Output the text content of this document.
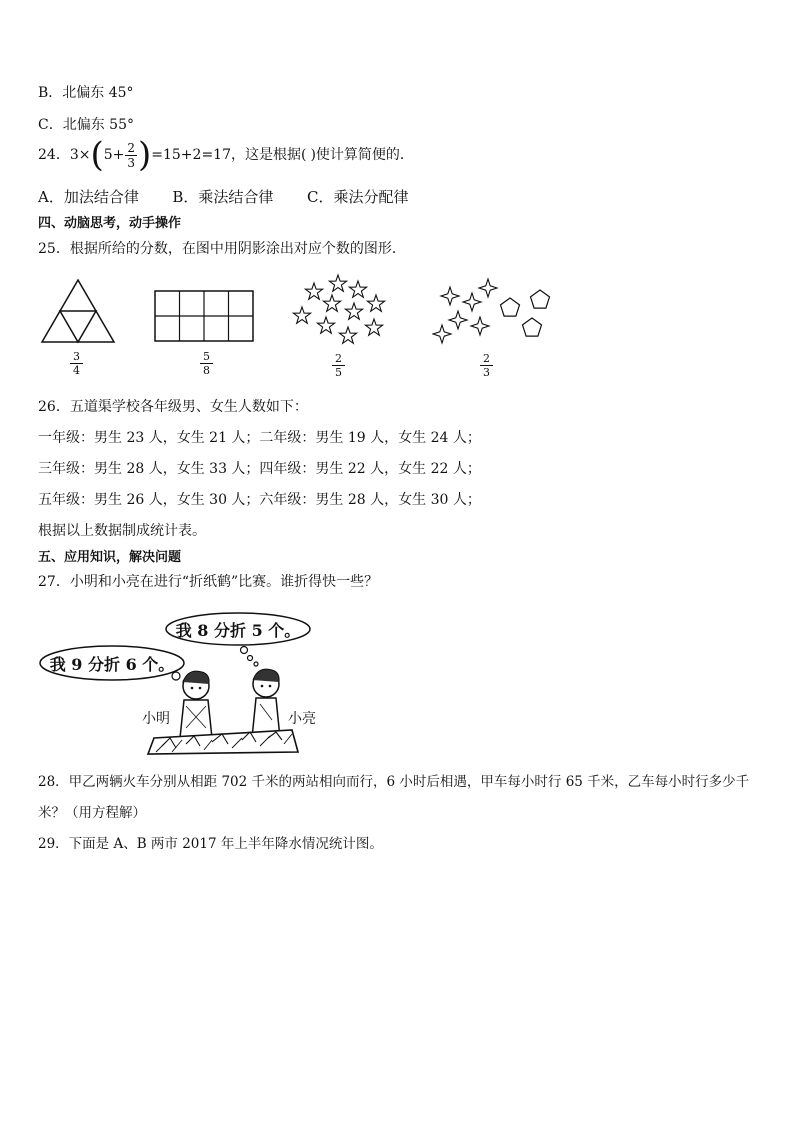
B．北偏东 45°
C．北偏东 55°
24．$3\times(5+ \frac{2}{3} )=15+2=17$，这是根据( )使计算简便的．
A．加法结合律 B．乘法结合律 C．乘法分配律
四、动脑思考，动手操作
25．根据所给的分数，在图中用阴影涂出对应个数的图形．
$\frac{3}{4}$	$\frac{5}{8}$	$\frac{2}{5}$	$\frac{2}{3}$
26．五道渠学校各年级男、女生人数如下：
一年级：男生 23 人，女生 21 人；二年级：男生 19 人，女生 24 人；
三年级：男生 28 人，女生 33 人；四年级：男生 22 人，女生 22 人；
五年级：男生 26 人，女生 30 人；六年级：男生 28 人，女生 30 人；
根据以上数据制成统计表。
五、应用知识，解决问题
27．小明和小亮在进行“折纸鹤”比赛。谁折得快一些？
我 9 分折 6 个。
我 8 分折 5 个。
小明	小亮
28．甲乙两辆火车分别从相距 702 千米的两站相向而行，6 小时后相遇，甲车每小时行 65 千米，乙车每小时行多少千
米？（用方程解）
29．下面是 A、B 两市 2017 年上半年降水情况统计图。
